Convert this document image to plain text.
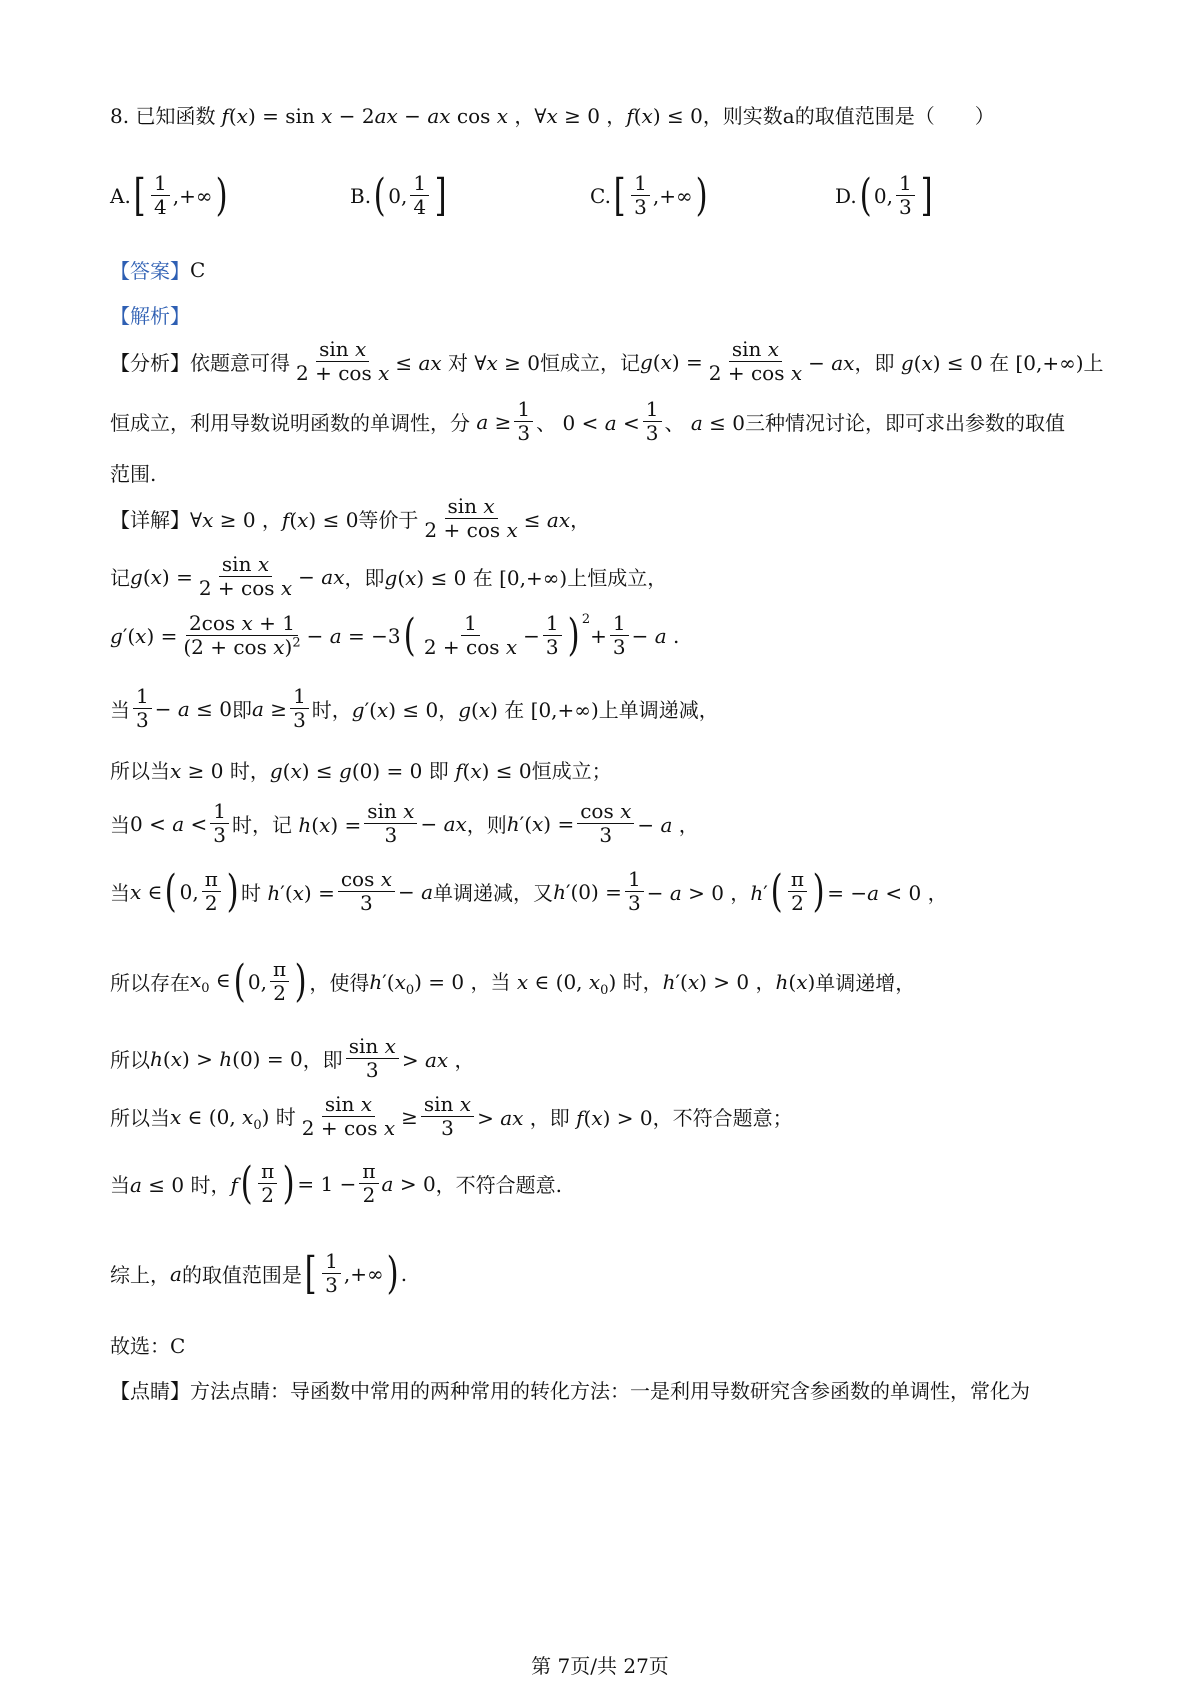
8. 已知函数 f(x) = sin x − 2ax − ax cos x ，∀x ≥ 0 ，f(x) ≤ 0 ，则实数a的取值范围是（　　）
A. [ $\frac{1}{4}$ ,+∞ )	B. ( 0, $\frac{1}{4}$ ]	C. [ $\frac{1}{3}$ ,+∞ )	D. ( 0, $\frac{1}{3}$ ]
【答案】 C
【解析】
【分析】 依题意可得 $\frac{\text{sin x}}{\text{2 + cos x}}$ ≤ ax 对 ∀x ≥ 0 恒成立，记 $g(x) = \frac{\text{sin x}}{\text{2 + cos x}}$ − ax，即 g(x) ≤ 0 在 [0,+∞) 上
恒成立，利用导数说明函数的单调性，分 $a \ge \frac{1}{3}$ 、 $0 < a < \frac{1}{3}$ 、 a ≤ 0 三种情况讨论，即可求出参数的取值
范围.
【详解】 ∀x ≥ 0 ，f(x) ≤ 0 等价于 $\frac{\text{sin x}}{\text{2 + cos x}}$ ≤ ax，
记 $g(x) = \frac{\text{sin x}}{\text{2 + cos x}}$ − ax ，即 g(x) ≤ 0 在 [0,+∞) 上恒成立，
$g'(x) = \frac{\text{2cos x + 1}}{(2 + \cos x)^2} - a = -3$ ( $\frac{1}{\text{2 + cos x}} - \frac{1}{3} )^2$
+ $\frac{1}{3} - a$ .
当 $\frac{1}{3} - a \le 0$ 即 $a \ge \frac{1}{3}$ 时， g′(x) ≤ 0，g(x) 在 [0,+∞) 上单调递减，
所以当 x ≥ 0 时，g(x) ≤ g(0) = 0 即 f(x) ≤ 0 恒成立；
当 $0 < a < \frac{1}{3}$ 时，记 $h(x) = \frac{\text{sin x}}{3}$ − ax ，则 $h'(x) = \frac{\text{cos x}}{3} - a$ ，
当 x ∈ ( 0, $\frac{\pi}{2}$ ) 时 $h'(x) = \frac{\text{cos x}}{3} - a$ 单调递减，又 $h'(0) = \frac{1}{3} - a > 0$ ，h′ ( $\frac{\pi}{2}$ ) = −a < 0 ，
所以存在 $x_0$ ∈ ( 0, $\frac{\pi}{2}$ ) ，使得 $h'(x_0) = 0$ ，当 x ∈ (0, $x_0$) 时，h′(x) > 0 ，h(x) 单调递增，
所以 h(x) > h(0) = 0 ，即 $\frac{\text{sin x}}{3}$ > ax ，
所以当 x ∈ (0, $x_0$) 时 $\frac{\text{sin x}}{\text{2 + cos x}} \ge \frac{\text{sin x}}{3}$ > ax ，即 f(x) > 0 ，不符合题意；
当 a ≤ 0 时，f ( $\frac{\pi}{2}$ ) = $1 - \frac{\pi}{2}$ a > 0 ，不符合题意.
综上， a 的取值范围是 [ $\frac{1}{3}$ ,+∞ ) .
故选：C
【点睛】 方法点睛：导函数中常用的两种常用的转化方法：一是利用导数研究含参函数的单调性，常化为
第 7页/共 27页
